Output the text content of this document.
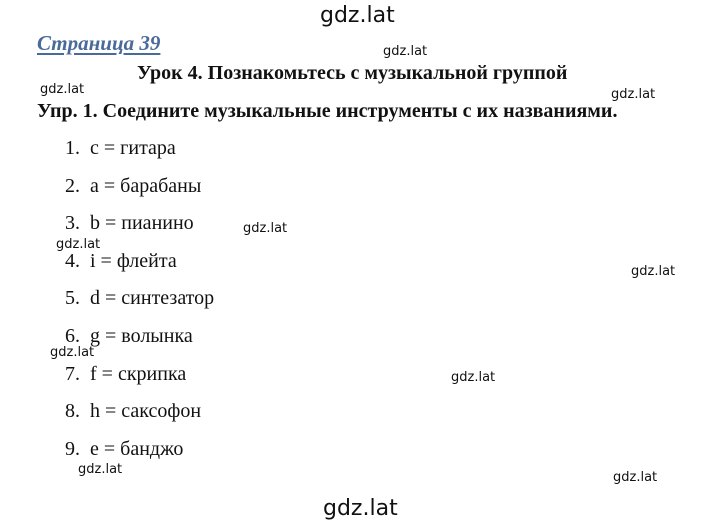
gdz.lat
gdz.lat
gdz.lat	gdz.lat
gdz.lat
gdz.lat
gdz.lat
gdz.lat
gdz.lat
gdz.lat
gdz.lat
gdz.lat
Страница 39
Урок 4. Познакомьтесь с музыкальной группой
Упр. 1. Соедините музыкальные инструменты с их названиями.
1. c = гитара
2. a = барабаны
3. b = пианино
4. i = флейта
5. d = синтезатор
6. g = волынка
7. f = скрипка
8. h = саксофон
9. e = банджо
